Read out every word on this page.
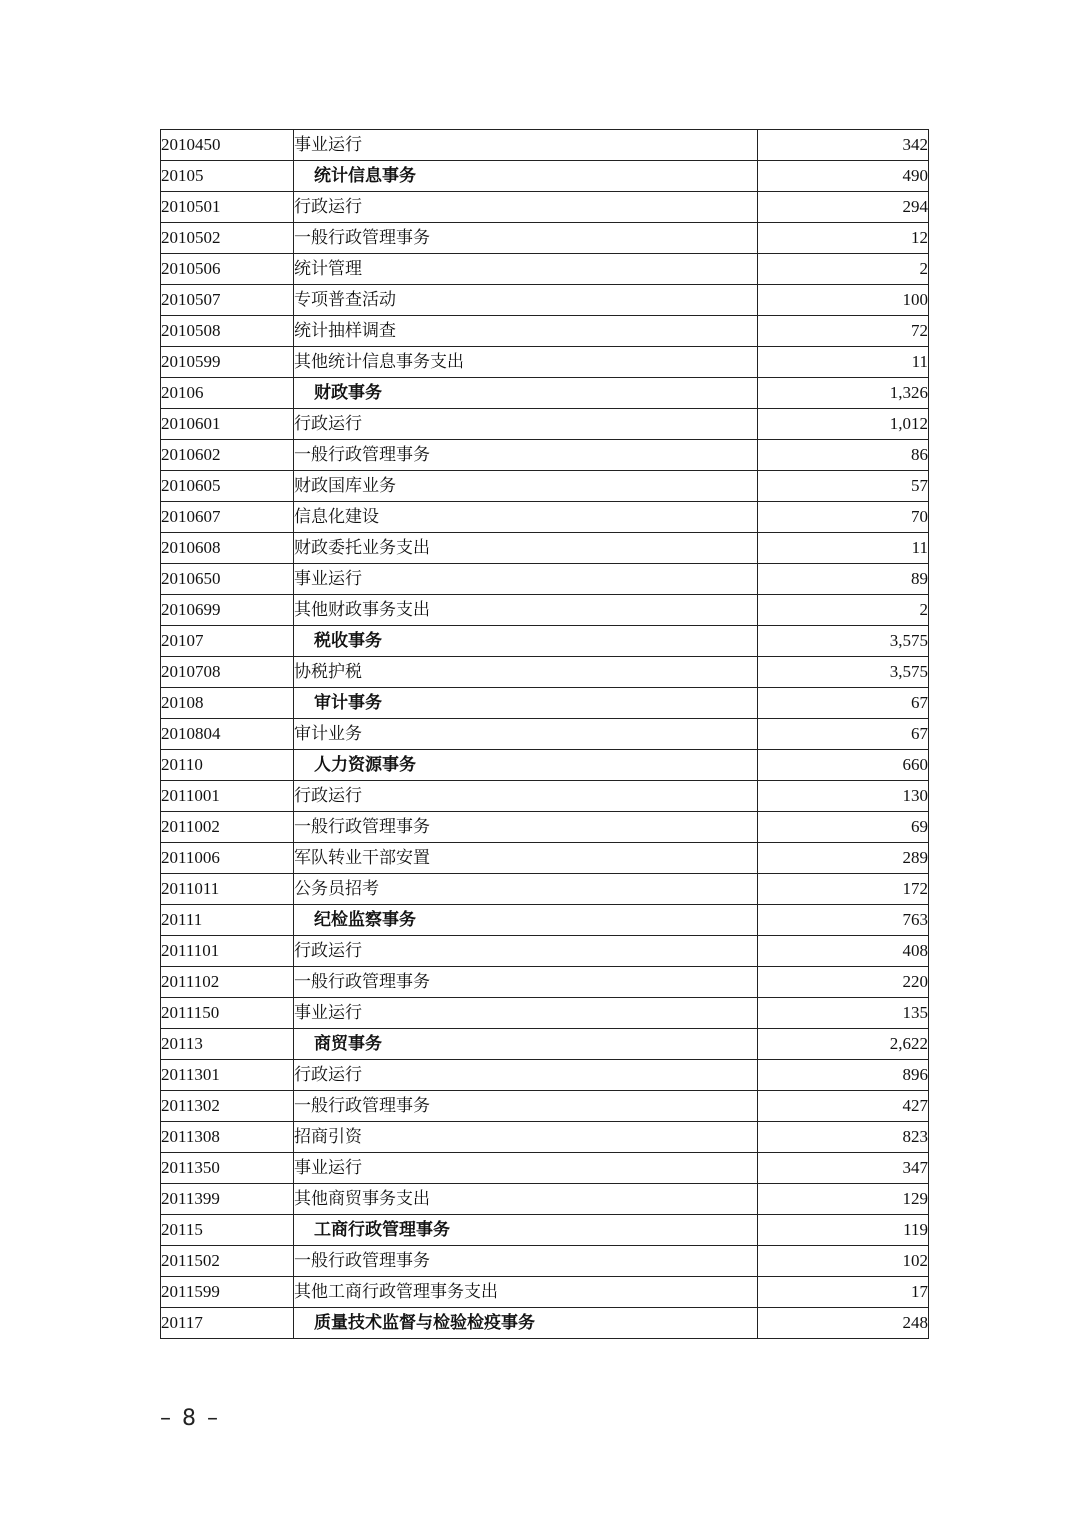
2010450	事业运行	342
20105	统计信息事务	490
2010501	行政运行	294
2010502	一般行政管理事务	12
2010506	统计管理	2
2010507	专项普查活动	100
2010508	统计抽样调查	72
2010599	其他统计信息事务支出	11
20106	财政事务	1,326
2010601	行政运行	1,012
2010602	一般行政管理事务	86
2010605	财政国库业务	57
2010607	信息化建设	70
2010608	财政委托业务支出	11
2010650	事业运行	89
2010699	其他财政事务支出	2
20107	税收事务	3,575
2010708	协税护税	3,575
20108	审计事务	67
2010804	审计业务	67
20110	人力资源事务	660
2011001	行政运行	130
2011002	一般行政管理事务	69
2011006	军队转业干部安置	289
2011011	公务员招考	172
20111	纪检监察事务	763
2011101	行政运行	408
2011102	一般行政管理事务	220
2011150	事业运行	135
20113	商贸事务	2,622
2011301	行政运行	896
2011302	一般行政管理事务	427
2011308	招商引资	823
2011350	事业运行	347
2011399	其他商贸事务支出	129
20115	工商行政管理事务	119
2011502	一般行政管理事务	102
2011599	其他工商行政管理事务支出	17
20117	质量技术监督与检验检疫事务	248
– 8 –
